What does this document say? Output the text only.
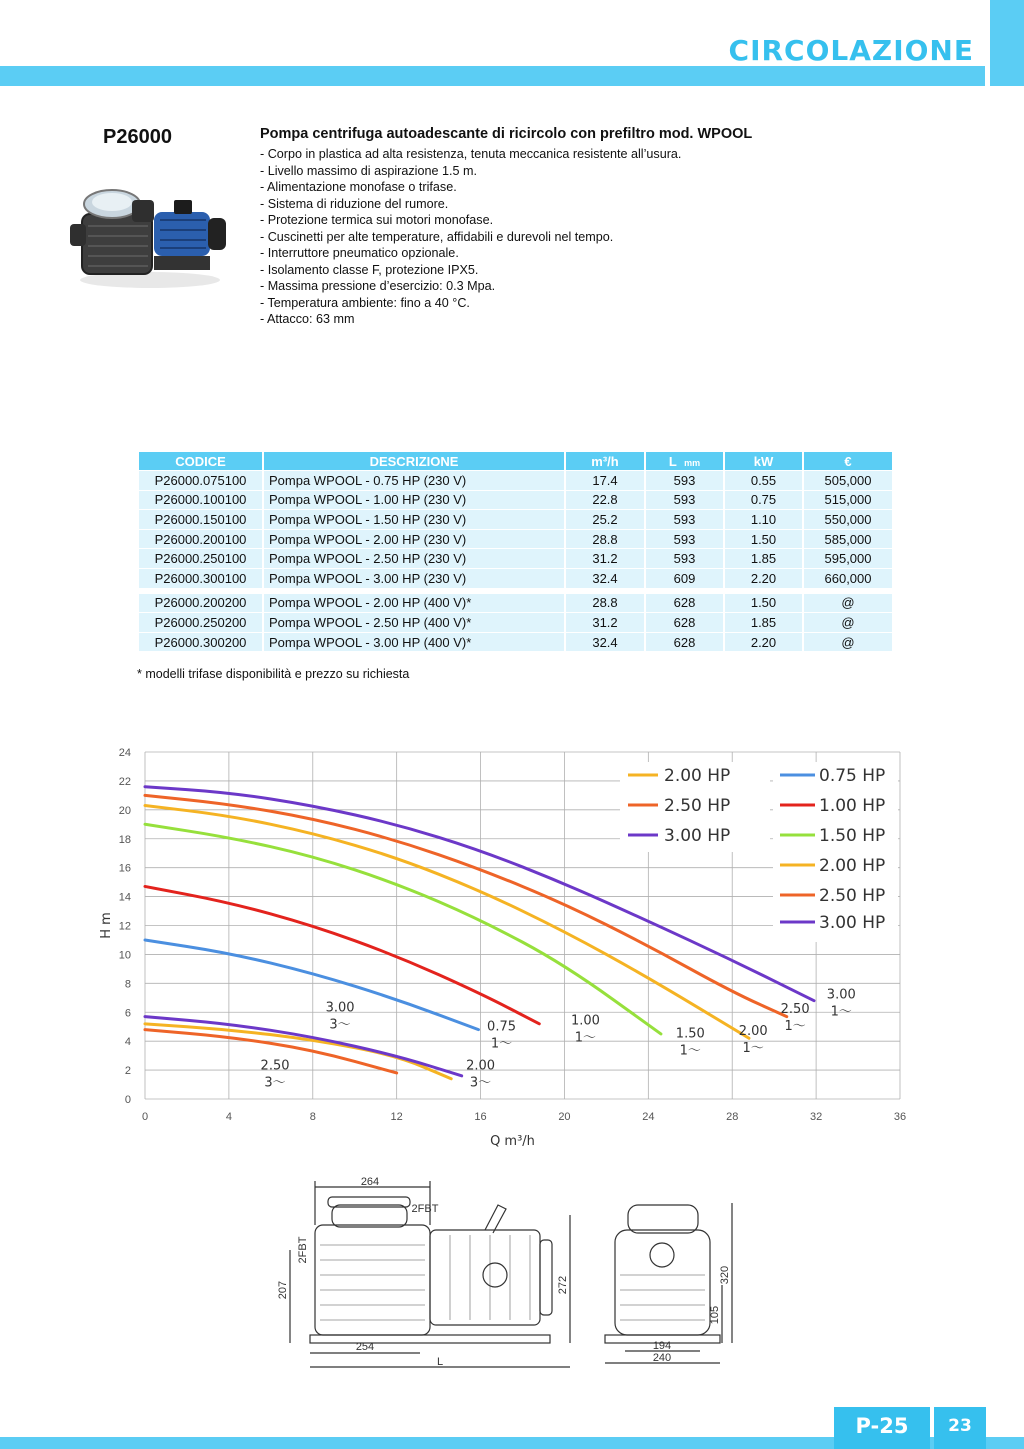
CIRCOLAZIONE
P26000	Pompa centrifuga autoadescante di ricircolo con prefiltro mod. WPOOL
- Corpo in plastica ad alta resistenza, tenuta meccanica resistente all’usura.
- Livello massimo di aspirazione 1.5 m.
- Alimentazione monofase o trifase.
- Sistema di riduzione del rumore.
- Protezione termica sui motori monofase.
- Cuscinetti per alte temperature, affidabili e durevoli nel tempo.
- Interruttore pneumatico opzionale.
- Isolamento classe F, protezione IPX5.
- Massima pressione d’esercizio: 0.3 Mpa.
- Temperatura ambiente: fino a 40 °C.
- Attacco: 63 mm
CODICE	DESCRIZIONE	m³/h	L mm	kW	€
P26000.075100	Pompa WPOOL - 0.75 HP (230 V)	17.4	593	0.55	505,000
P26000.100100	Pompa WPOOL - 1.00 HP (230 V)	22.8	593	0.75	515,000
P26000.150100	Pompa WPOOL - 1.50 HP (230 V)	25.2	593	1.10	550,000
P26000.200100	Pompa WPOOL - 2.00 HP (230 V)	28.8	593	1.50	585,000
P26000.250100	Pompa WPOOL - 2.50 HP (230 V)	31.2	593	1.85	595,000
P26000.300100	Pompa WPOOL - 3.00 HP (230 V)	32.4	609	2.20	660,000

P26000.200200	Pompa WPOOL - 2.00 HP (400 V)*	28.8	628	1.50	@
P26000.250200	Pompa WPOOL - 2.50 HP (400 V)*	31.2	628	1.85	@
P26000.300200	Pompa WPOOL - 3.00 HP (400 V)*	32.4	628	2.20	@
* modelli trifase disponibilità e prezzo su richiesta
0
2
4
6
8
10
12
14
16
18
20
22
24
0	4	8	12	16	20	24	28	32	36
Q m³/h
H m
0.75
1～
1.00
1～	1.50
1～
2.00
1～
2.50
1～
3.00
1～
3.00
3～
2.50
3～
2.00
3～
2.00 HP
2.50 HP
3.00 HP
0.75 HP
1.00 HP
1.50 HP
2.00 HP
2.50 HP
3.00 HP
264
2FBT
2FBT
207	272
254
L
320
105
194
240
P-25	23
